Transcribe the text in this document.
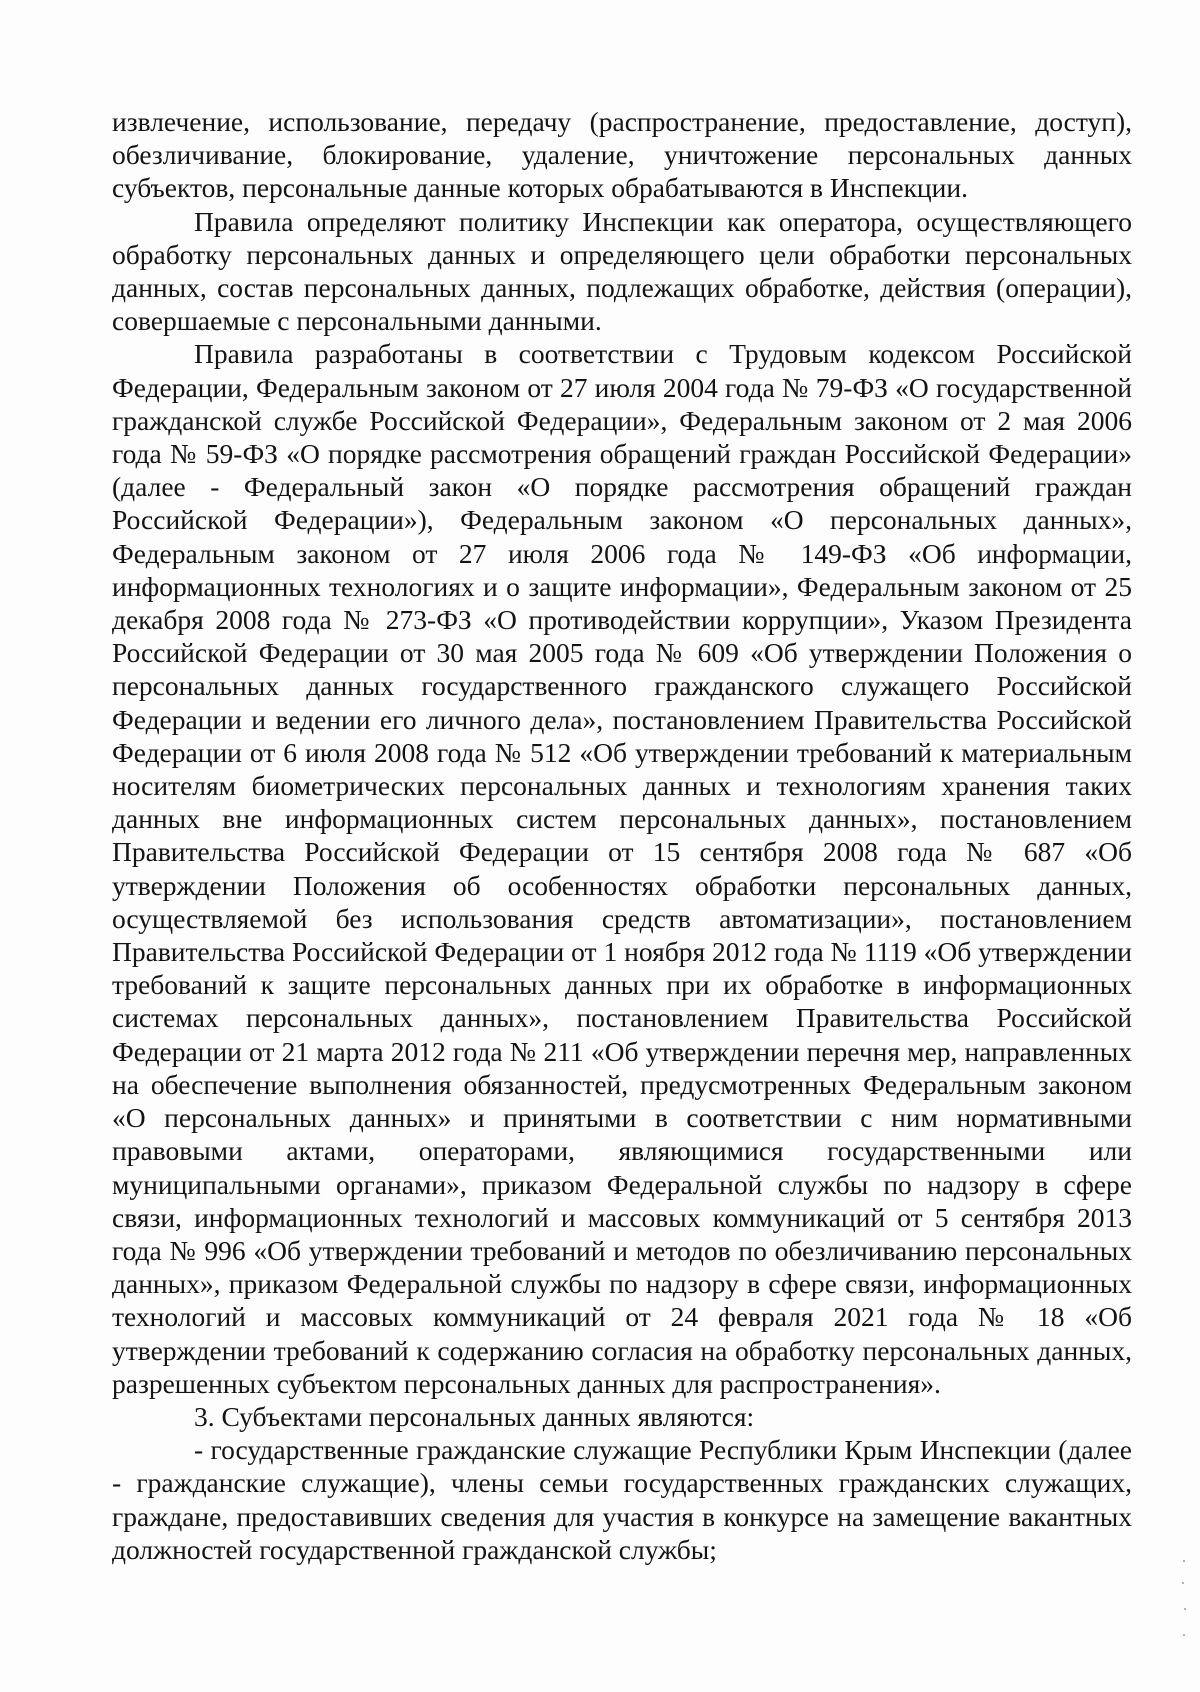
извлечение, использование, передачу (распространение, предоставление, доступ), обезличивание, блокирование, удаление, уничтожение персональных данных субъектов, персональные данные которых обрабатываются в Инспекции.

Правила определяют политику Инспекции как оператора, осуществляющего обработку персональных данных и определяющего цели обработки персональных данных, состав персональных данных, подлежащих обработке, действия (операции), совершаемые с персональными данными.

Правила разработаны в соответствии с Трудовым кодексом Российской Федерации, Федеральным законом от 27 июля 2004 года № 79-ФЗ «О государственной гражданской службе Российской Федерации», Федеральным законом от 2 мая 2006 года № 59-ФЗ «О порядке рассмотрения обращений граждан Российской Федерации» (далее - Федеральный закон «О порядке рассмотрения обращений граждан Российской Федерации»), Федеральным законом «О персональных данных», Федеральным законом от 27 июля 2006 года № 149-ФЗ «Об информации, информационных технологиях и о защите информации», Федеральным законом от 25 декабря 2008 года № 273-ФЗ «О противодействии коррупции», Указом Президента Российской Федерации от 30 мая 2005 года № 609 «Об утверждении Положения о персональных данных государственного гражданского служащего Российской Федерации и ведении его личного дела», постановлением Правительства Российской Федерации от 6 июля 2008 года № 512 «Об утверждении требований к материальным носителям биометрических персональных данных и технологиям хранения таких данных вне информационных систем персональных данных», постановлением Правительства Российской Федерации от 15 сентября 2008 года № 687 «Об утверждении Положения об особенностях обработки персональных данных, осуществляемой без использования средств автоматизации», постановлением Правительства Российской Федерации от 1 ноября 2012 года № 1119 «Об утверждении требований к защите персональных данных при их обработке в информационных системах персональных данных», постановлением Правительства Российской Федерации от 21 марта 2012 года № 211 «Об утверждении перечня мер, направленных на обеспечение выполнения обязанностей, предусмотренных Федеральным законом «О персональных данных» и принятыми в соответствии с ним нормативными правовыми актами, операторами, являющимися государственными или муниципальными органами», приказом Федеральной службы по надзору в сфере связи, информационных технологий и массовых коммуникаций от 5 сентября 2013 года № 996 «Об утверждении требований и методов по обезличиванию персональных данных», приказом Федеральной службы по надзору в сфере связи, информационных технологий и массовых коммуникаций от 24 февраля 2021 года № 18 «Об утверждении требований к содержанию согласия на обработку персональных данных, разрешенных субъектом персональных данных для распространения».

3. Субъектами персональных данных являются:

- государственные гражданские служащие Республики Крым Инспекции (далее - гражданские служащие), члены семьи государственных гражданских служащих, граждане, предоставивших сведения для участия в конкурсе на замещение вакантных должностей государственной гражданской службы;
